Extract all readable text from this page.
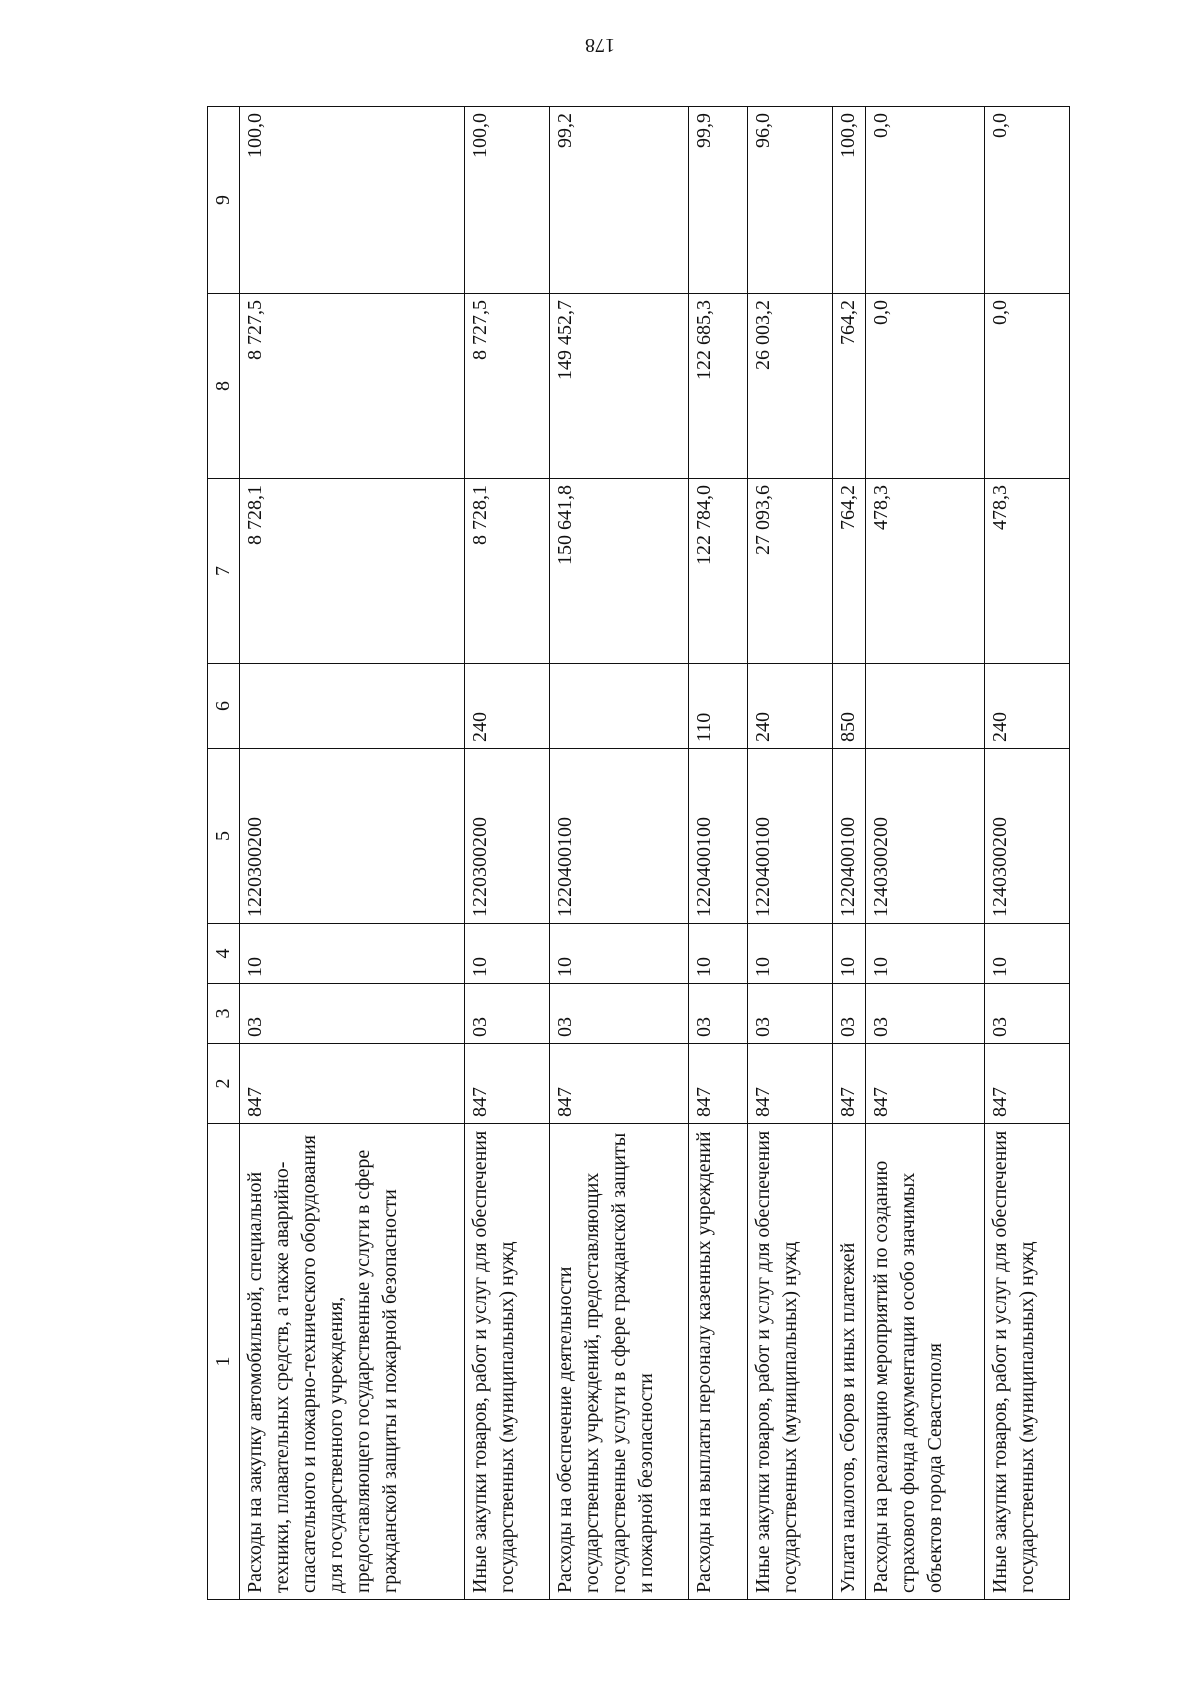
178
1	2	3	4	5	6	7	8	9
Расходы на закупку автомобильной, специальной техники, плавательных средств, а также аварийно-спасательного и пожарно-технического оборудования для государственного учреждения, предоставляющего государственные услуги в сфере гражданской защиты и пожарной безопасности	847	03	10	1220300200		8 728,1	8 727,5	100,0
Иные закупки товаров, работ и услуг для обеспечения государственных (муниципальных) нужд	847	03	10	1220300200	240	8 728,1	8 727,5	100,0
Расходы на обеспечение деятельности государственных учреждений, предоставляющих государственные услуги в сфере гражданской защиты и пожарной безопасности	847	03	10	1220400100		150 641,8	149 452,7	99,2
Расходы на выплаты персоналу казенных учреждений	847	03	10	1220400100	110	122 784,0	122 685,3	99,9
Иные закупки товаров, работ и услуг для обеспечения государственных (муниципальных) нужд	847	03	10	1220400100	240	27 093,6	26 003,2	96,0
Уплата налогов, сборов и иных платежей	847	03	10	1220400100	850	764,2	764,2	100,0
Расходы на реализацию мероприятий по созданию страхового фонда документации особо значимых объектов города Севастополя	847	03	10	1240300200		478,3	0,0	0,0
Иные закупки товаров, работ и услуг для обеспечения государственных (муниципальных) нужд	847	03	10	1240300200	240	478,3	0,0	0,0
